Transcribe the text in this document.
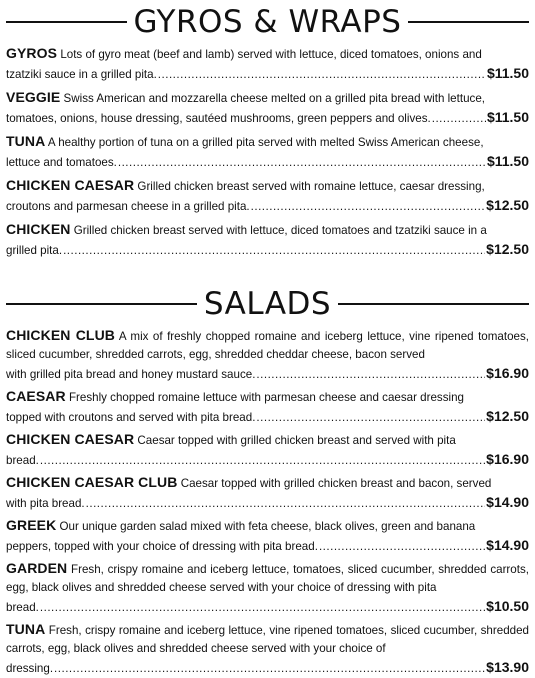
GYROS & WRAPS
GYROS Lots of gyro meat (beef and lamb) served with lettuce, diced tomatoes, onions and
tzatziki sauce in a grilled pita. .....	$11.50
VEGGIE Swiss American and mozzarella cheese melted on a grilled pita bread with lettuce,
tomatoes, onions, house dressing, sautéed mushrooms, green peppers and olives. .....	$11.50
TUNA A healthy portion of tuna on a grilled pita served with melted Swiss American cheese,
lettuce and tomatoes. .....	$11.50
CHICKEN CAESAR Grilled chicken breast served with romaine lettuce, caesar dressing,
croutons and parmesan cheese in a grilled pita. .....	$12.50
CHICKEN Grilled chicken breast served with lettuce, diced tomatoes and tzatziki sauce in a
grilled pita. .....	$12.50
SALADS
CHICKEN CLUB A mix of freshly chopped romaine and iceberg lettuce, vine ripened tomatoes, sliced cucumber, shredded carrots, egg, shredded cheddar cheese, bacon served
with grilled pita bread and honey mustard sauce. .....	$16.90
CAESAR Freshly chopped romaine lettuce with parmesan cheese and caesar dressing
topped with croutons and served with pita bread. .....	$12.50
CHICKEN CAESAR Caesar topped with grilled chicken breast and served with pita
bread. .....	$16.90
CHICKEN CAESAR CLUB Caesar topped with grilled chicken breast and bacon, served
with pita bread. .....	$14.90
GREEK Our unique garden salad mixed with feta cheese, black olives, green and banana
peppers, topped with your choice of dressing with pita bread. .....	$14.90
GARDEN Fresh, crispy romaine and iceberg lettuce, tomatoes, sliced cucumber, shredded carrots, egg, black olives and shredded cheese served with your choice of dressing with pita
bread. .....	$10.50
TUNA Fresh, crispy romaine and iceberg lettuce, vine ripened tomatoes, sliced cucumber, shredded carrots, egg, black olives and shredded cheese served with your choice of
dressing. .....	$13.90
